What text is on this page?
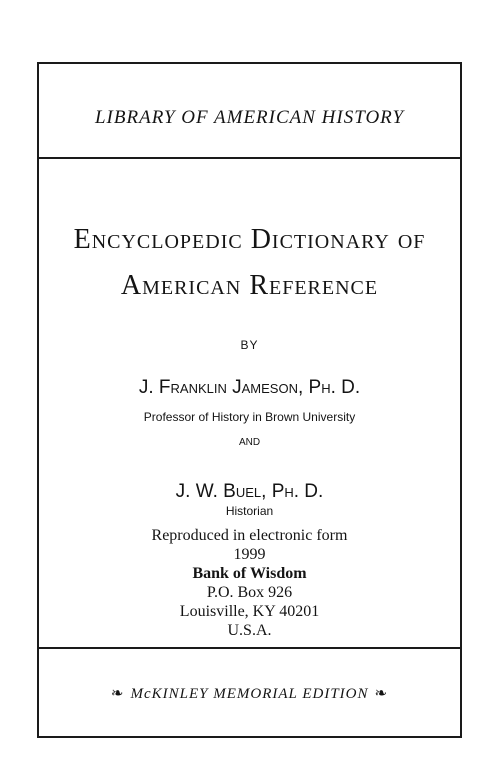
LIBRARY OF AMERICAN HISTORY
Encyclopedic Dictionary of
American Reference
BY
J. Franklin Jameson, Ph. D.
Professor of History in Brown University
AND
J. W. Buel, Ph. D.
Historian
Reproduced in electronic form
1999
Bank of Wisdom
P.O. Box 926
Louisville, KY 40201
U.S.A.
❧ McKINLEY MEMORIAL EDITION ❧
